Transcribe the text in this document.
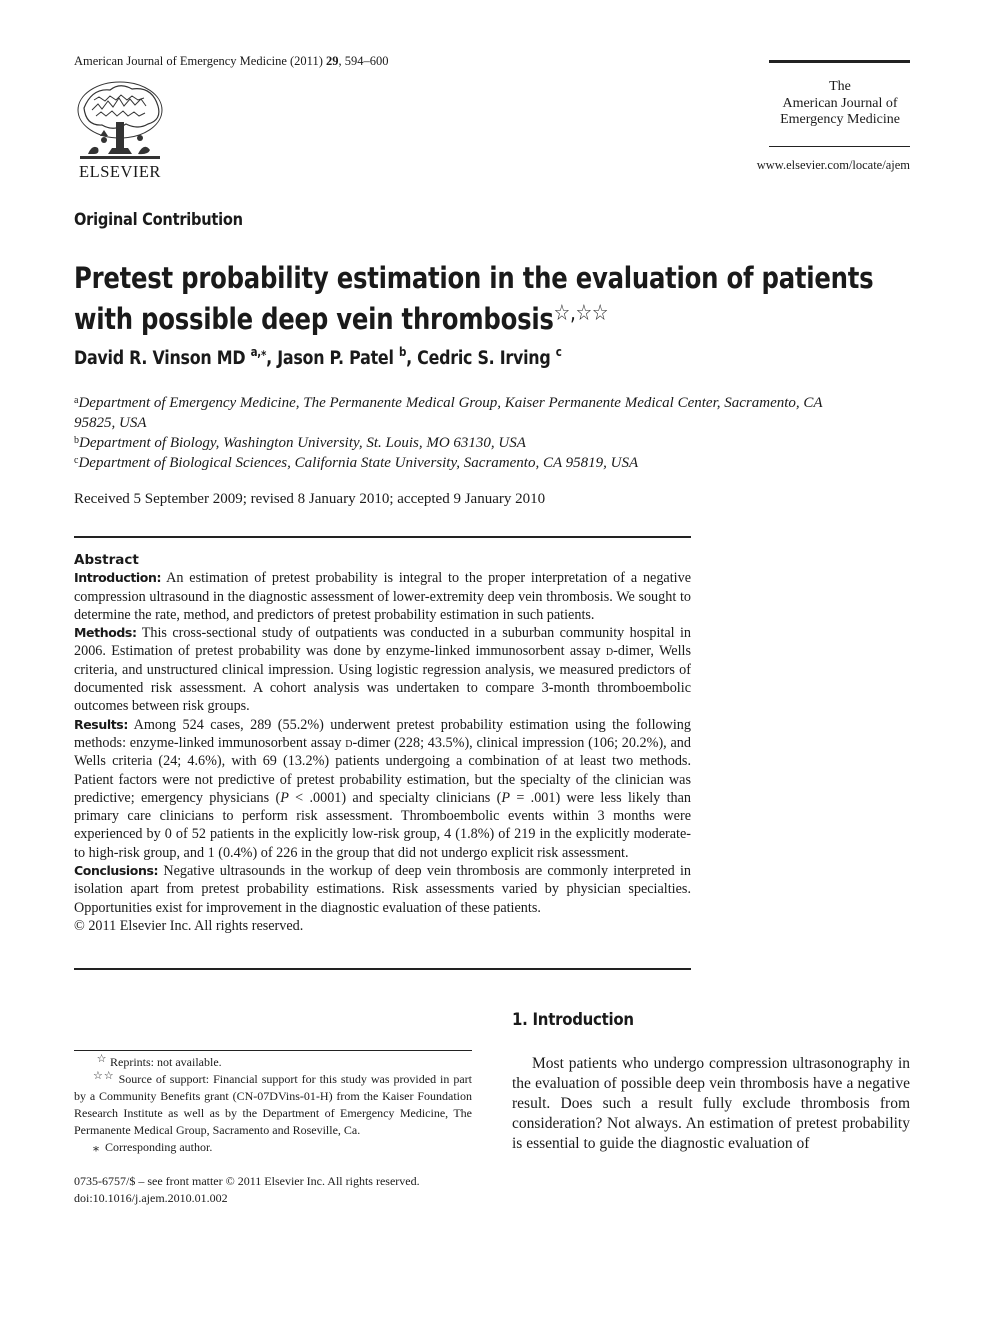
American Journal of Emergency Medicine (2011) 29, 594–600
ELSEVIER
The
American Journal of
Emergency Medicine
www.elsevier.com/locate/ajem
Original Contribution
Pretest probability estimation in the evaluation of patients with possible deep vein thrombosis☆,☆☆
David R. Vinson MD $^{a,⁎}$, Jason P. Patel $^b$, Cedric S. Irving $^c$
$^a$Department of Emergency Medicine, The Permanente Medical Group, Kaiser Permanente Medical Center, Sacramento, CA 95825, USA
$^b$Department of Biology, Washington University, St. Louis, MO 63130, USA
$^c$Department of Biological Sciences, California State University, Sacramento, CA 95819, USA
Received 5 September 2009; revised 8 January 2010; accepted 9 January 2010
Abstract

Introduction: An estimation of pretest probability is integral to the proper interpretation of a negative compression ultrasound in the diagnostic assessment of lower-extremity deep vein thrombosis. We sought to determine the rate, method, and predictors of pretest probability estimation in such patients.

Methods: This cross-sectional study of outpatients was conducted in a suburban community hospital in 2006. Estimation of pretest probability was done by enzyme-linked immunosorbent assay d-dimer, Wells criteria, and unstructured clinical impression. Using logistic regression analysis, we measured predictors of documented risk assessment. A cohort analysis was undertaken to compare 3-month thromboembolic outcomes between risk groups.

Results: Among 524 cases, 289 (55.2%) underwent pretest probability estimation using the following methods: enzyme-linked immunosorbent assay d-dimer (228; 43.5%), clinical impression (106; 20.2%), and Wells criteria (24; 4.6%), with 69 (13.2%) patients undergoing a combination of at least two methods. Patient factors were not predictive of pretest probability estimation, but the specialty of the clinician was predictive; emergency physicians (P < .0001) and specialty clinicians (P = .001) were less likely than primary care clinicians to perform risk assessment. Thromboembolic events within 3 months were experienced by 0 of 52 patients in the explicitly low-risk group, 4 (1.8%) of 219 in the explicitly moderate- to high-risk group, and 1 (0.4%) of 226 in the group that did not undergo explicit risk assessment.

Conclusions: Negative ultrasounds in the workup of deep vein thrombosis are commonly interpreted in isolation apart from pretest probability estimations. Risk assessments varied by physician specialties. Opportunities exist for improvement in the diagnostic evaluation of these patients.

© 2011 Elsevier Inc. All rights reserved.

1. Introduction
Most patients who undergo compression ultrasonography in the evaluation of possible deep vein thrombosis have a negative result. Does such a result fully exclude thrombosis from consideration? Not always. An estimation of pretest probability is essential to guide the diagnostic evaluation of

☆ Reprints: not available.

☆☆ Source of support: Financial support for this study was provided in part by a Community Benefits grant (CN-07DVins-01-H) from the Kaiser Foundation Research Institute as well as by the Department of Emergency Medicine, The Permanente Medical Group, Sacramento and Roseville, Ca.

⁎ Corresponding author.

0735-6757/$ – see front matter © 2011 Elsevier Inc. All rights reserved.
doi:10.1016/j.ajem.2010.01.002
